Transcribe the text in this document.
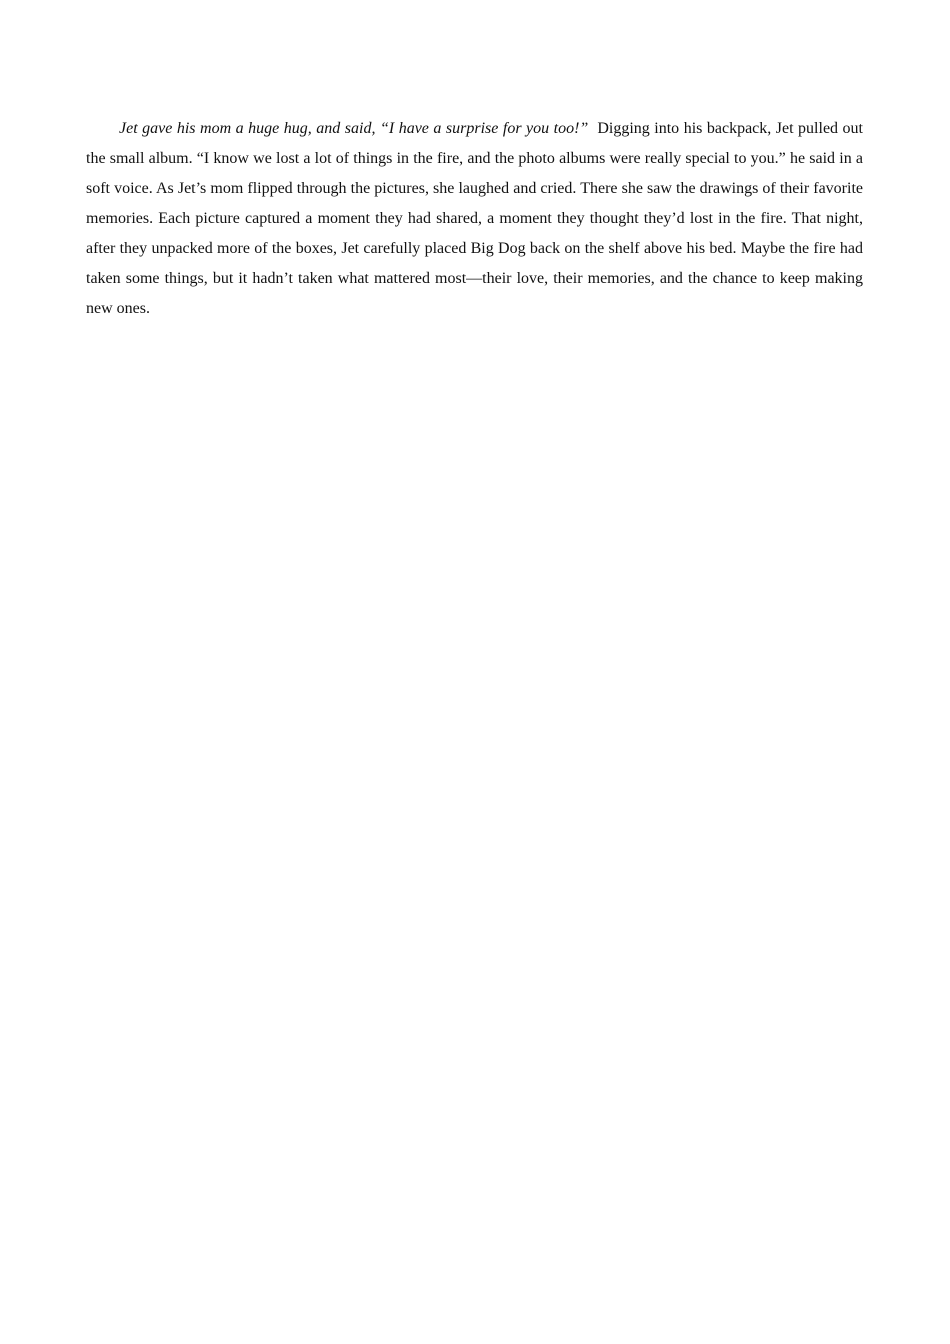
Jet gave his mom a huge hug, and said, “I have a surprise for you too!” Digging into his backpack, Jet pulled out the small album. “I know we lost a lot of things in the fire, and the photo albums were really special to you.” he said in a soft voice. As Jet’s mom flipped through the pictures, she laughed and cried. There she saw the drawings of their favorite memories. Each picture captured a moment they had shared, a moment they thought they’d lost in the fire. That night, after they unpacked more of the boxes, Jet carefully placed Big Dog back on the shelf above his bed. Maybe the fire had taken some things, but it hadn’t taken what mattered most—their love, their memories, and the chance to keep making new ones.
